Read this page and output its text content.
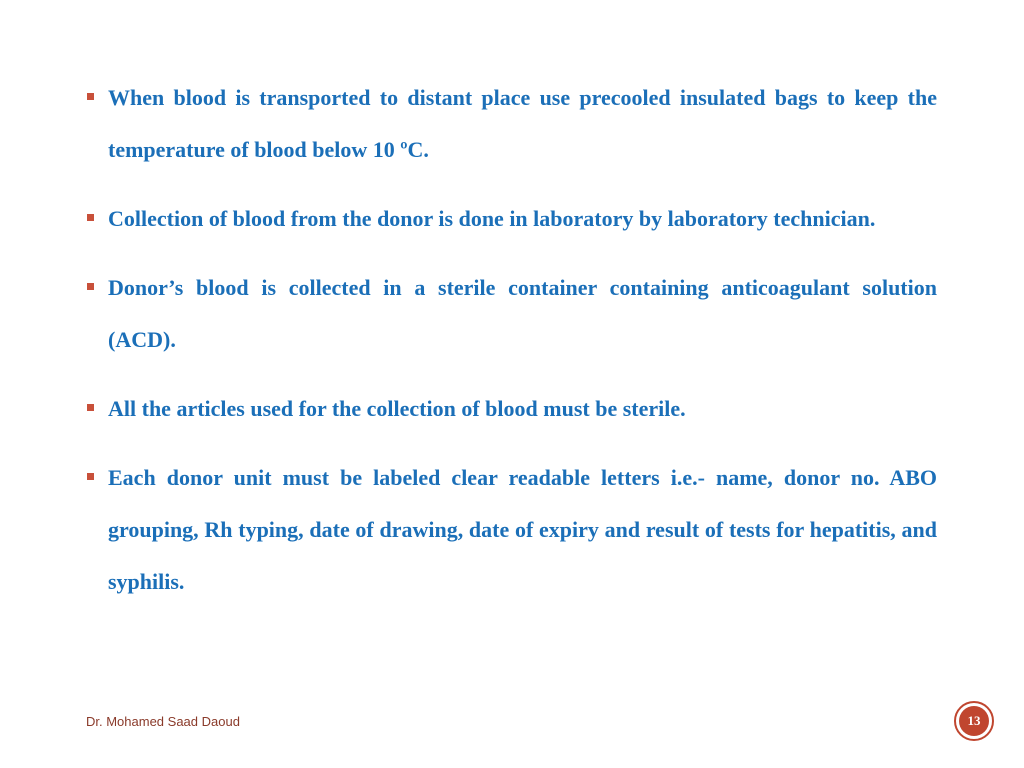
When blood is transported to distant place use precooled insulated bags to keep the temperature of blood below 10 ºC.
Collection of blood from the donor is done in laboratory by laboratory technician.
Donor’s blood is collected in a sterile container containing anticoagulant solution (ACD).
All the articles used for the collection of blood must be sterile.
Each donor unit must be labeled clear readable letters i.e.- name, donor no. ABO grouping, Rh typing, date of drawing, date of expiry and result of tests for hepatitis, and syphilis.
Dr. Mohamed Saad Daoud	13
